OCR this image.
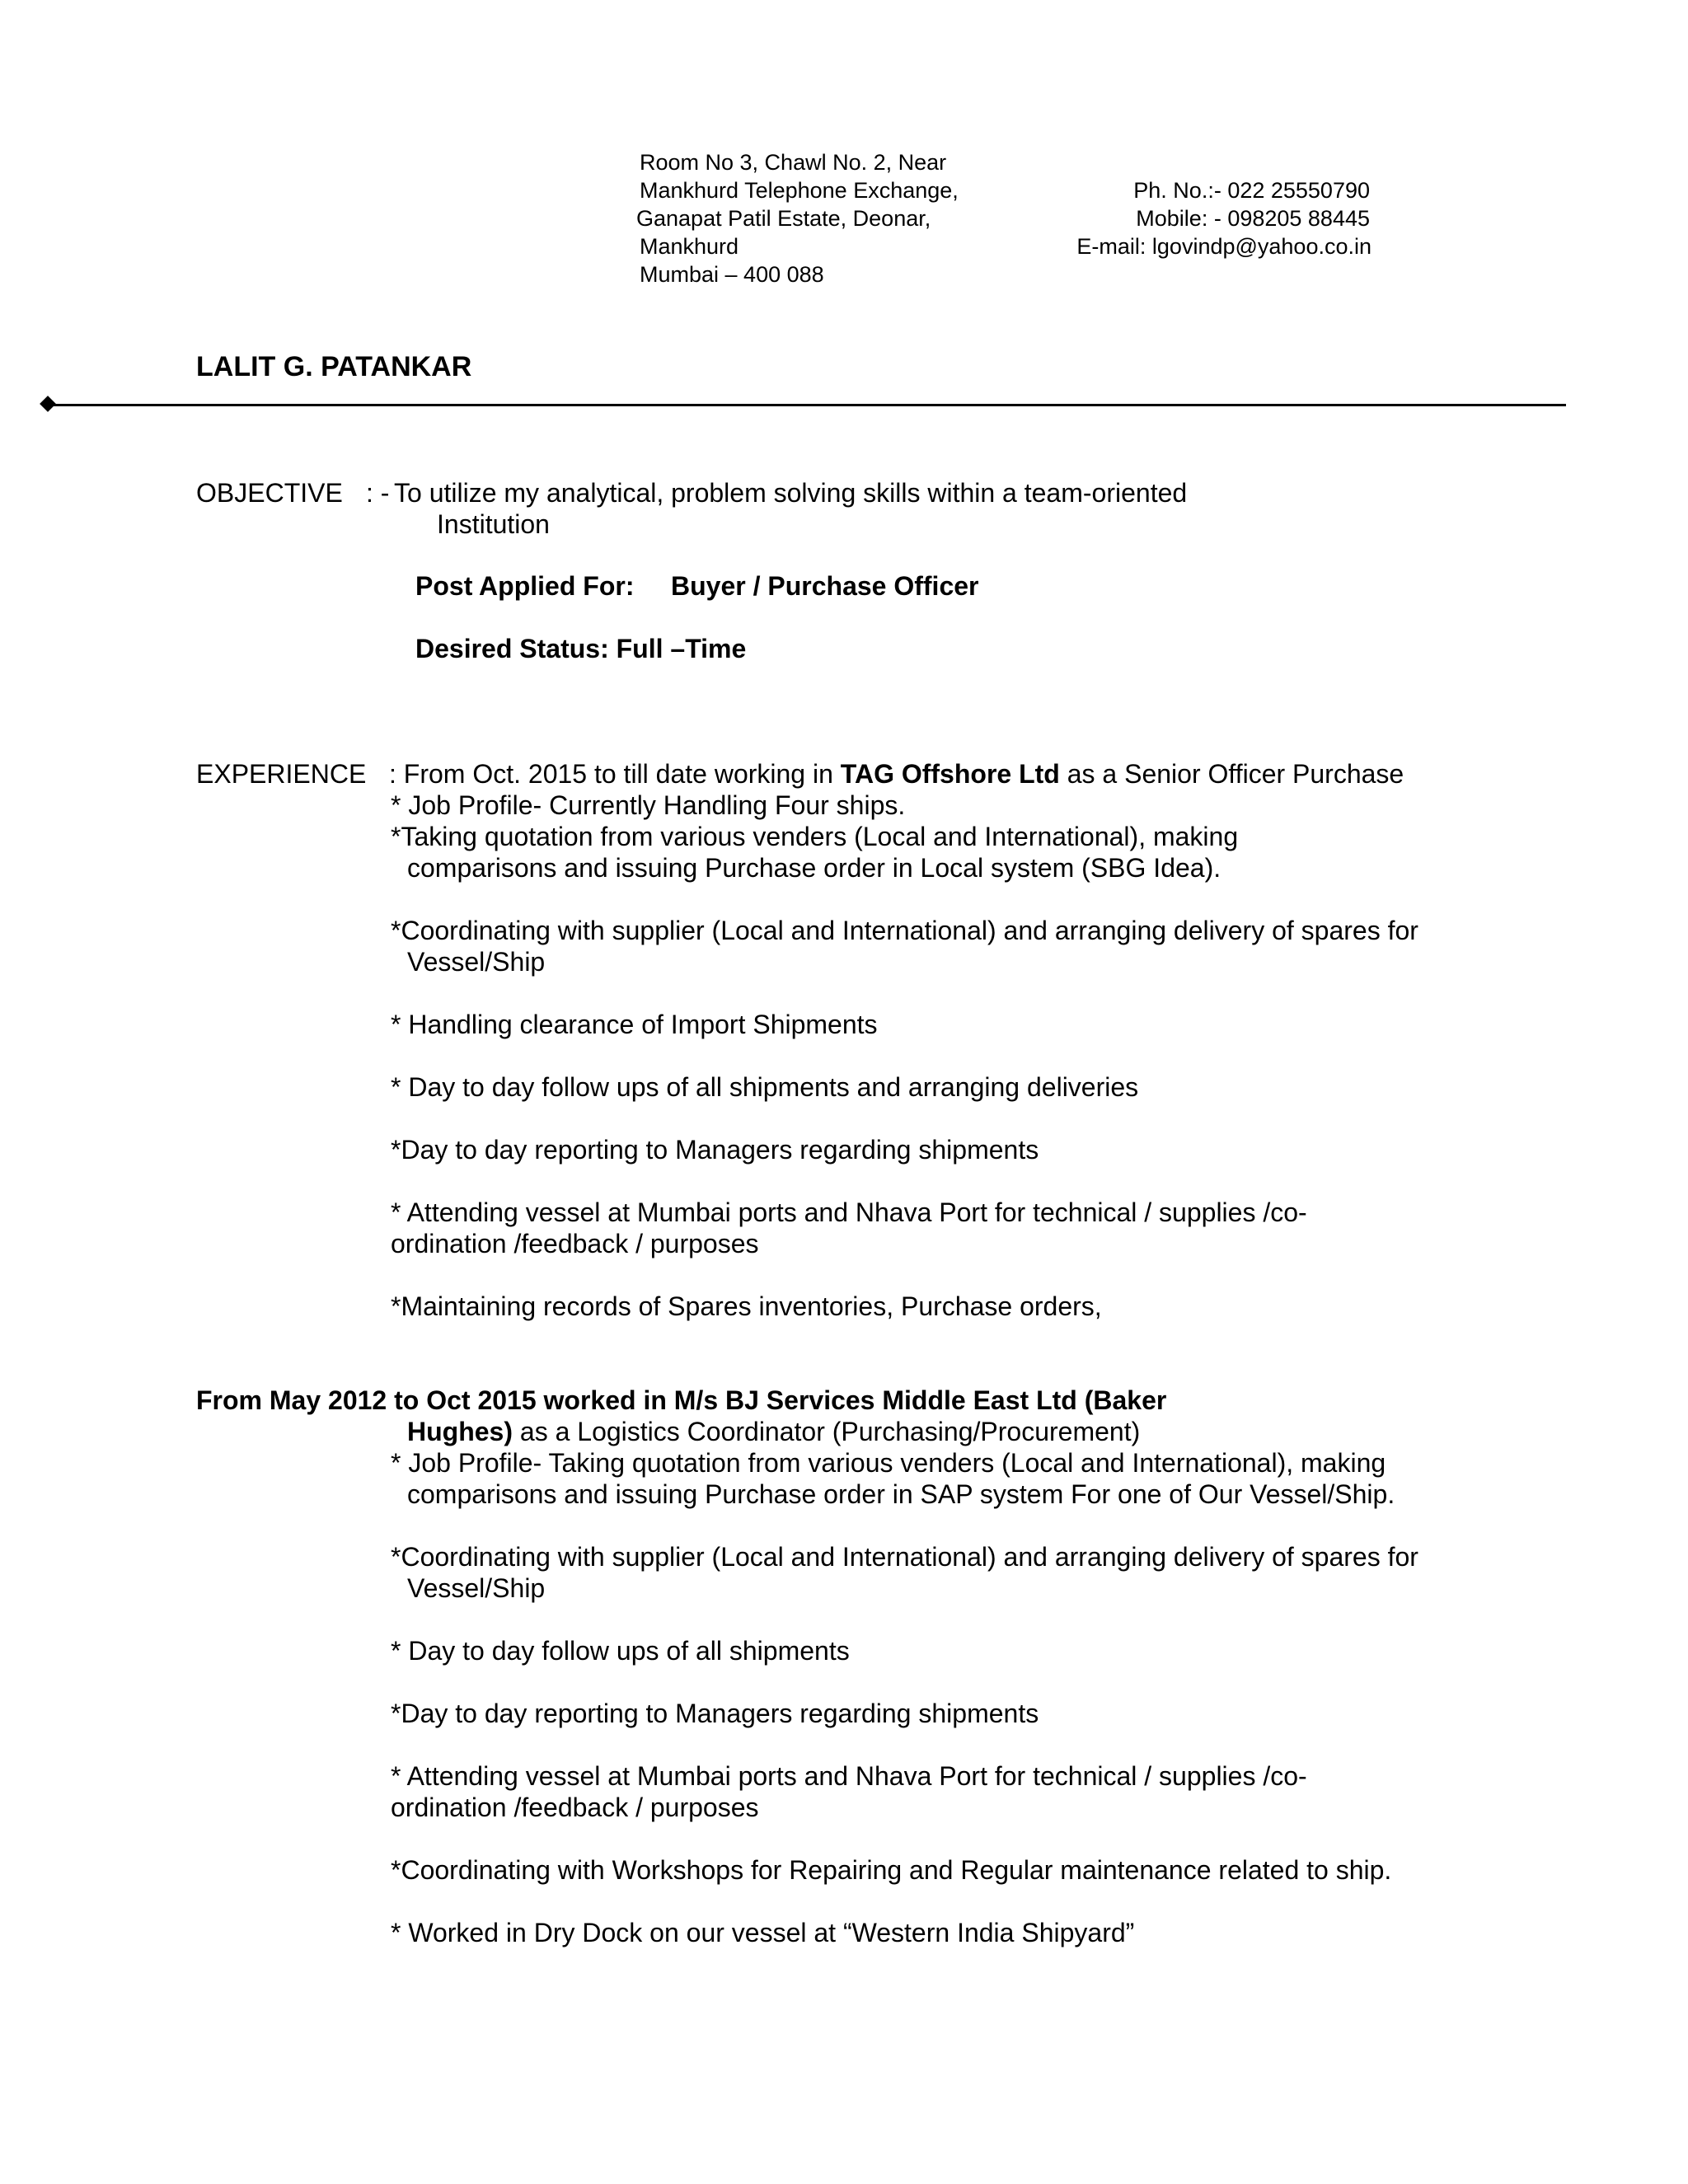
Room No 3, Chawl No. 2, Near
Mankhurd Telephone Exchange,
Ganapat Patil Estate, Deonar,
Mankhurd
Mumbai – 400 088
Ph. No.:- 022 25550790
Mobile: - 098205 88445
E-mail: lgovindp@yahoo.co.in
LALIT G. PATANKAR
OBJECTIVE : - To utilize my analytical, problem solving skills within a team-oriented
Institution
Post Applied For: Buyer / Purchase Officer
Desired Status: Full –Time
EXPERIENCE : From Oct. 2015 to till date working in TAG Offshore Ltd as a Senior Officer Purchase
* Job Profile- Currently Handling Four ships.
*Taking quotation from various venders (Local and International), making
comparisons and issuing Purchase order in Local system (SBG Idea).
*Coordinating with supplier (Local and International) and arranging delivery of spares for
Vessel/Ship
* Handling clearance of Import Shipments
* Day to day follow ups of all shipments and arranging deliveries
*Day to day reporting to Managers regarding shipments
* Attending vessel at Mumbai ports and Nhava Port for technical / supplies /co-
ordination /feedback / purposes
*Maintaining records of Spares inventories, Purchase orders,
From May 2012 to Oct 2015 worked in M/s BJ Services Middle East Ltd (Baker
Hughes) as a Logistics Coordinator (Purchasing/Procurement)
* Job Profile- Taking quotation from various venders (Local and International), making
comparisons and issuing Purchase order in SAP system For one of Our Vessel/Ship.
*Coordinating with supplier (Local and International) and arranging delivery of spares for
Vessel/Ship
* Day to day follow ups of all shipments
*Day to day reporting to Managers regarding shipments
* Attending vessel at Mumbai ports and Nhava Port for technical / supplies /co-
ordination /feedback / purposes
*Coordinating with Workshops for Repairing and Regular maintenance related to ship.
* Worked in Dry Dock on our vessel at “Western India Shipyard”
